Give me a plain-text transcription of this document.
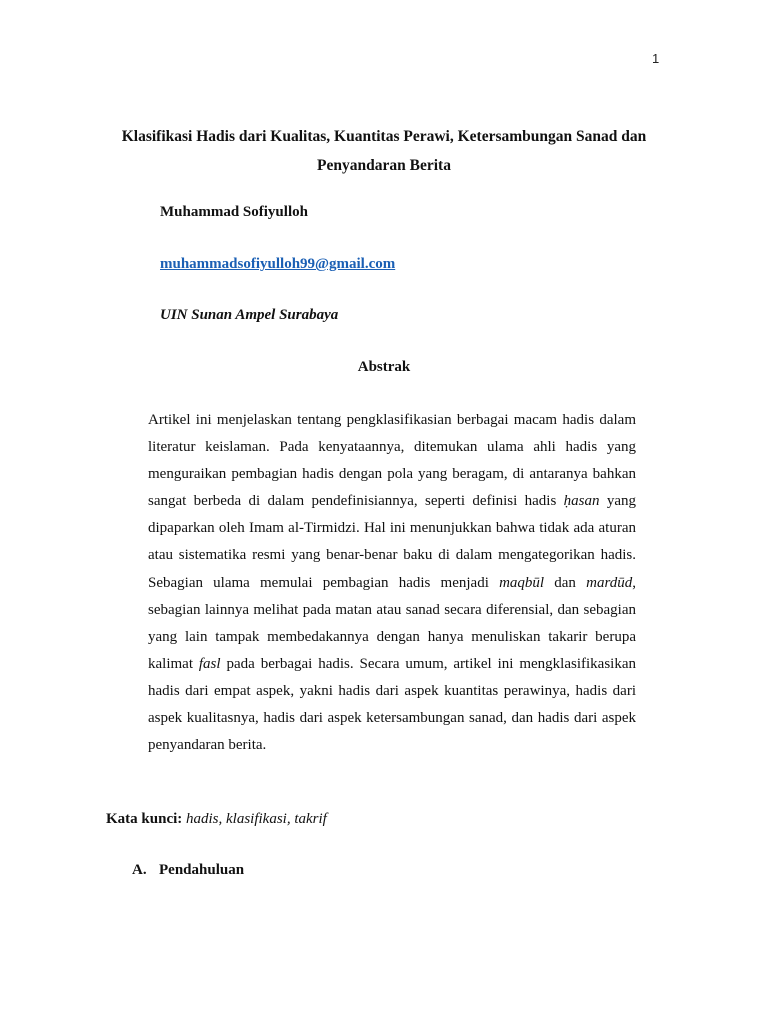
1
Klasifikasi Hadis dari Kualitas, Kuantitas Perawi, Ketersambungan Sanad dan Penyandaran Berita
Muhammad Sofiyulloh
muhammadsofiyulloh99@gmail.com
UIN Sunan Ampel Surabaya
Abstrak

Artikel ini menjelaskan tentang pengklasifikasian berbagai macam hadis dalam literatur keislaman. Pada kenyataannya, ditemukan ulama ahli hadis yang menguraikan pembagian hadis dengan pola yang beragam, di antaranya bahkan sangat berbeda di dalam pendefinisiannya, seperti definisi hadis ḥasan yang dipaparkan oleh Imam al-Tirmidzi. Hal ini menunjukkan bahwa tidak ada aturan atau sistematika resmi yang benar-benar baku di dalam mengategorikan hadis. Sebagian ulama memulai pembagian hadis menjadi maqbūl dan mardūd, sebagian lainnya melihat pada matan atau sanad secara diferensial, dan sebagian yang lain tampak membedakannya dengan hanya menuliskan takarir berupa kalimat fasl pada berbagai hadis. Secara umum, artikel ini mengklasifikasikan hadis dari empat aspek, yakni hadis dari aspek kuantitas perawinya, hadis dari aspek kualitasnya, hadis dari aspek ketersambungan sanad, dan hadis dari aspek penyandaran berita.

Kata kunci: hadis, klasifikasi, takrif
A. Pendahuluan
